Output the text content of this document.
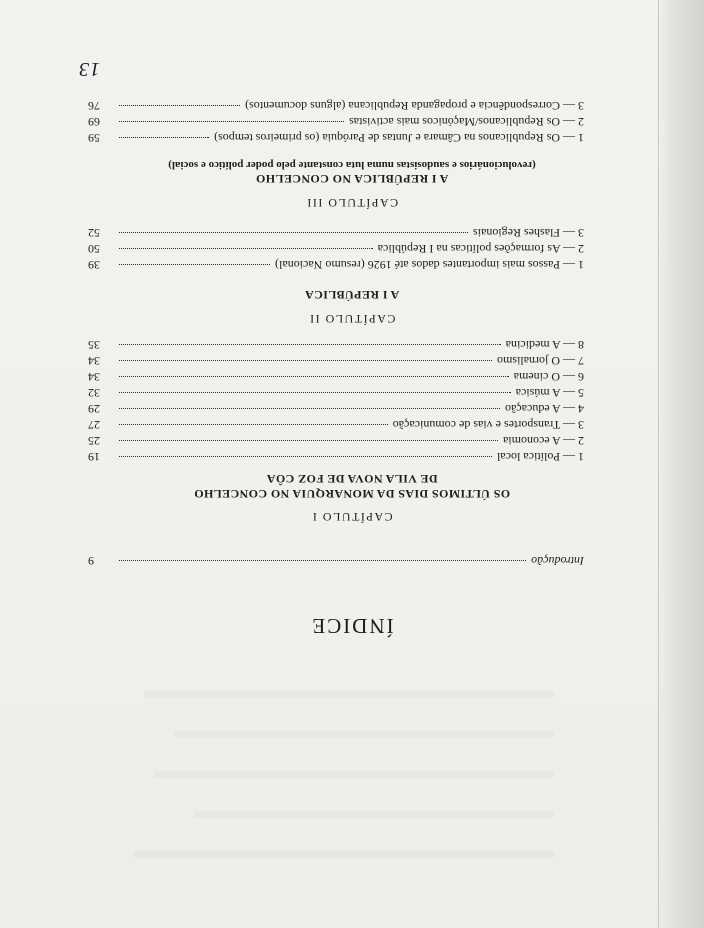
13
ÍNDICE
Introdução
9
CAPÍTULO I
OS ÚLTIMOS DIAS DA MONARQUIA NO CONCELHO
DE VILA NOVA DE FOZ CÔA
1 — Política local
19
2 — A economia
25
3 — Transportes e vias de comunicação
27
4 — A educação
29
5 — A música
32
6 — O cinema
34
7 — O jornalismo
34
8 — A medicina
35
CAPÍTULO II
A I REPÚBLICA
1 — Passos mais importantes dados até 1926 (resumo Nacional)
39
2 — As formações políticas na I República
50
3 — Flashes Regionais
52
CAPÍTULO III
A I REPÚBLICA NO CONCELHO
(revolucionários e saudosistas numa luta constante pelo poder político e social)
1 — Os Republicanos na Câmara e Juntas de Paróquia (os primeiros tempos)
59
2 — Os Republicanos/Maçónicos mais activistas
69
3 — Correspondência e propaganda Republicana (alguns documentos)
76
